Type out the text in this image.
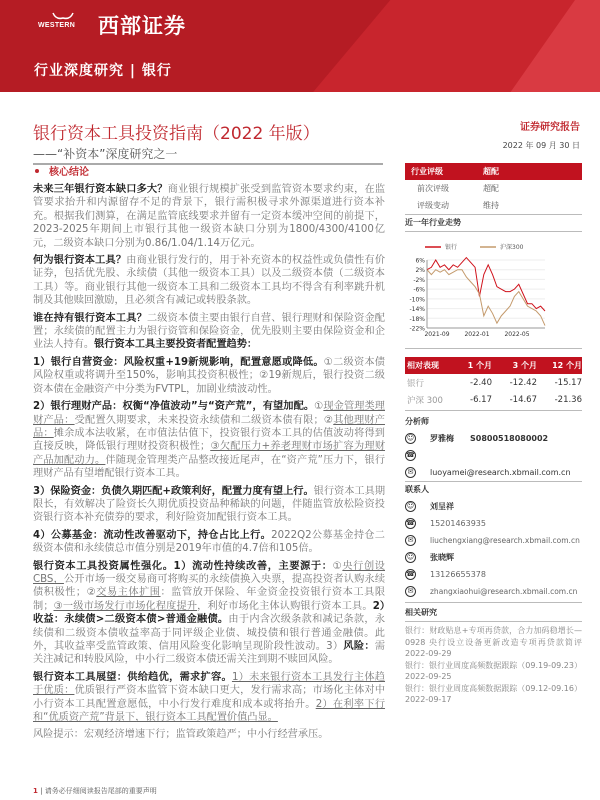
WESTERN 西部证券
行业深度研究 | 银行
银行资本工具投资指南（2022 年版）
——“补资本”深度研究之一
核心结论

未来三年银行资本缺口多大？商业银行规模扩张受到监管资本要求约束，在监管要求抬升和内源留存不足的背景下，银行需积极寻求外源渠道进行资本补充。根据我们测算，在满足监管底线要求并留有一定资本缓冲空间的前提下，2023-2025年期间上市银行其他一级资本缺口分别为1800/4300/4100亿元，二级资本缺口分别为0.86/1.04/1.14万亿元。

何为银行资本工具？由商业银行发行的，用于补充资本的权益性或负债性有价证券，包括优先股、永续债（其他一级资本工具）以及二级资本债（二级资本工具）等。商业银行其他一级资本工具和二级资本工具均不得含有利率跳升机制及其他赎回激励，且必须含有减记或转股条款。

谁在持有银行资本工具？二级资本债主要由银行自营、银行理财和保险资金配置；永续债的配置主力为银行资管和保险资金，优先股则主要由保险资金和企业法人持有。银行资本工具主要投资者配置趋势：

1）银行自营资金：风险权重+19新规影响，配置意愿或降低。①二级资本债风险权重或将调升至150%，影响其投资积极性；②19新规后，银行投资二级资本债在金融资产中分类为FVTPL，加剧业绩波动性。

2）银行理财产品：权衡“净值波动”与“资产荒”，有望加配。①现金管理类理财产品：受配置久期要求，未来投资永续债和二级资本债有限；②其他理财产品：摊余成本法收紧，在市值法估值下，投资银行资本工具的估值波动将得到直接反映，降低银行理财投资积极性；③欠配压力+养老理财市场扩容为理财产品加配动力。伴随现金管理类产品整改接近尾声，在“资产荒”压力下，银行理财产品有望增配银行资本工具。

3）保险资金：负债久期匹配+政策利好，配置力度有望上行。银行资本工具期限长，有效解决了险资长久期优质投资品种稀缺的问题，伴随监管放松险资投资银行资本补充债券的要求，利好险资加配银行资本工具。

4）公募基金：流动性改善驱动下，持仓占比上行。2022Q2公募基金持仓二级资本债和永续债总市值分别是2019年市值的4.7倍和105倍。

银行资本工具投资属性强化。1）流动性持续改善，主要源于：①央行创设CBS，公开市场一级交易商可将购买的永续债换入央票，提高投资者认购永续债积极性；②交易主体扩围：监管放开保险、年金资金投资银行资本工具限制；③一级市场发行市场化程度提升，利好市场化主体认购银行资本工具。2）收益：永续债>二级资本债>普通金融债。由于内含次级条款和减记条款，永续债和二级资本债收益率高于同评级企业债、城投债和银行普通金融债。此外，其收益率受监管政策、信用风险变化影响呈现阶段性波动。3）风险：需关注减记和转股风险，中小行二级资本债还需关注到期不赎回风险。

银行资本工具展望：供给趋优，需求扩容。1）未来银行资本工具发行主体趋于优质：优质银行严资本监管下资本缺口更大，发行需求高；市场化主体对中小行资本工具配置意愿低，中小行发行难度和成本或将抬升。2）在利率下行和“优质资产荒”背景下，银行资本工具配置价值凸显。

风险提示：宏观经济增速下行；监管政策趋严；中小行经营承压。

1 | 请务必仔细阅读报告尾部的重要声明
证券研究报告
2022 年 09 月 30 日
行业评级	超配
前次评级	超配
评级变动	维持
近一年行业走势
6%
2%
-2%
-6%
-10%
-14%
-18%
-22%
2021-09 2022-01 2022-05
银行	沪深300
相对表现	1 个月	3 个月	12 个月
银行	-2.40	-12.42	-15.17
沪深 300	-6.17	-14.67	-21.36
分析师
☺ 罗雅梅 S0800518080002
☎
✉	luoyamei@research.xbmail.com.cn
联系人
☺ 刘呈祥
☎ 15201463935
✉	liuchengxiang@research.xbmail.com.cn
☺ 张晓辉
☎ 13126655378
✉	zhangxiaohui@research.xbmail.com.cn
相关研究
银行：财政贴息+专项再贷款，合力加码稳增长—0928 央行设立设备更新改造专项再贷款简评 2022-09-29
银行：银行业周度高频数据跟踪（09.19-09.23） 2022-09-25
银行：银行业周度高频数据跟踪（09.12-09.16） 2022-09-17
